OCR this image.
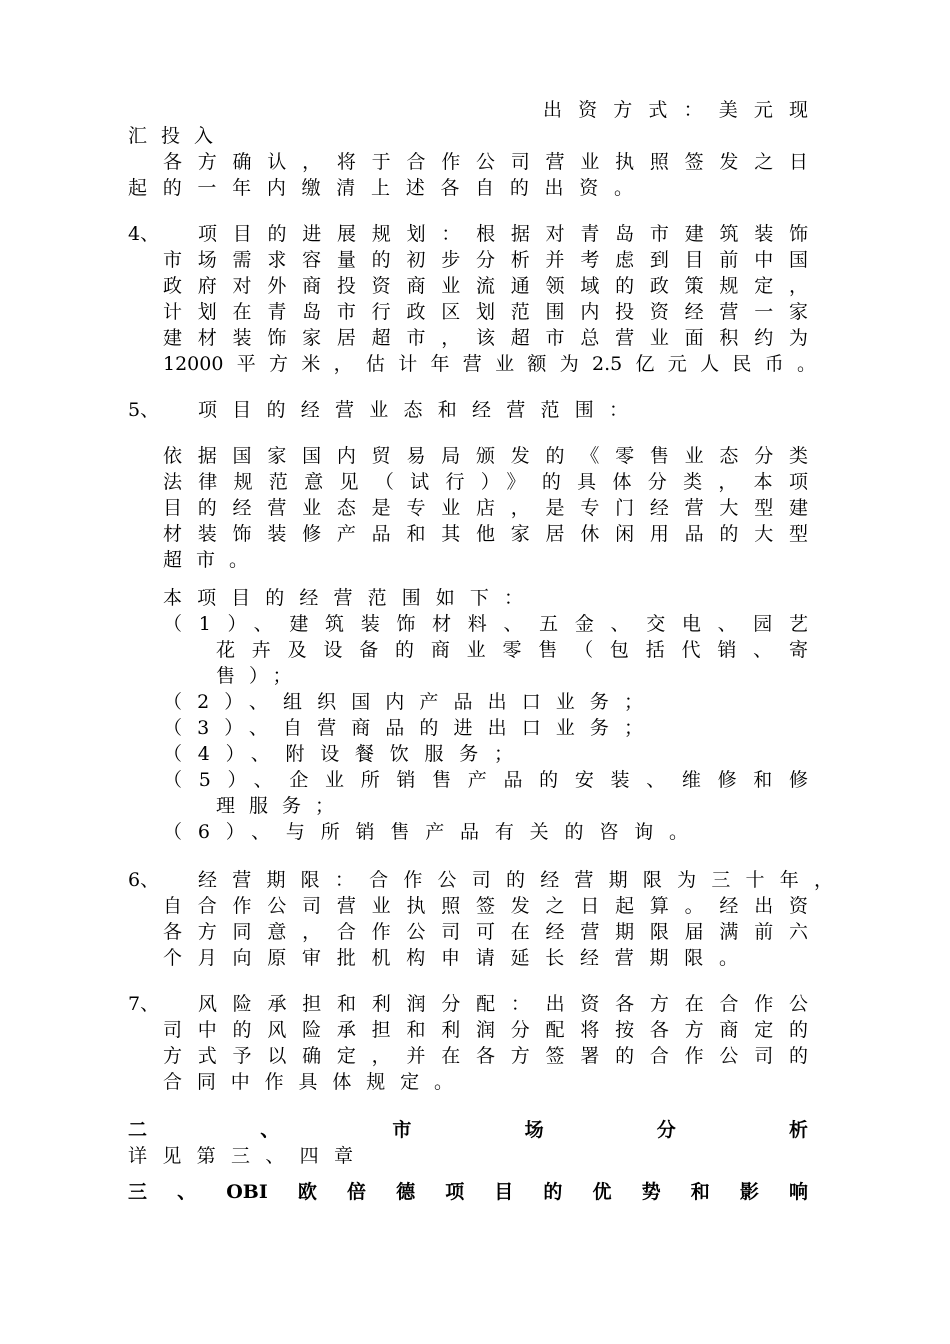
出资方式：美元现
汇投入
各方确认，将于合作公司营业执照签发之日
起的一年内缴清上述各自的出资。
4、 项目的进展规划：根据对青岛市建筑装饰
市场需求容量的初步分析并考虑到目前中国
政府对外商投资商业流通领域的政策规定，
计划在青岛市行政区划范围内投资经营一家
建材装饰家居超市，该超市总营业面积约为
12000平方米，估计年营业额为2.5亿元人民币。
5、 项目的经营业态和经营范围：
依据国家国内贸易局颁发的《零售业态分类
法律规范意见（试行）》的具体分类，本项
目的经营业态是专业店，是专门经营大型建
材装饰装修产品和其他家居休闲用品的大型
超市。
本项目的经营范围如下：
（1）、建筑装饰材料、五金、交电、园艺
花卉及设备的商业零售（包括代销、寄
售）；
（2）、组织国内产品出口业务；
（3）、自营商品的进出口业务；
（4）、附设餐饮服务；
（5）、企业所销售产品的安装、维修和修
理服务；
（6）、与所销售产品有关的咨询。
6、 经营期限：合作公司的经营期限为三十年，
自合作公司营业执照签发之日起算。经出资
各方同意，合作公司可在经营期限届满前六
个月向原审批机构申请延长经营期限。
7、 风险承担和利润分配：出资各方在合作公
司中的风险承担和利润分配将按各方商定的
方式予以确定，并在各方签署的合作公司的
合同中作具体规定。
二、市场分析
详见第三、四章
三、OBI欧倍德项目的优势和影响
